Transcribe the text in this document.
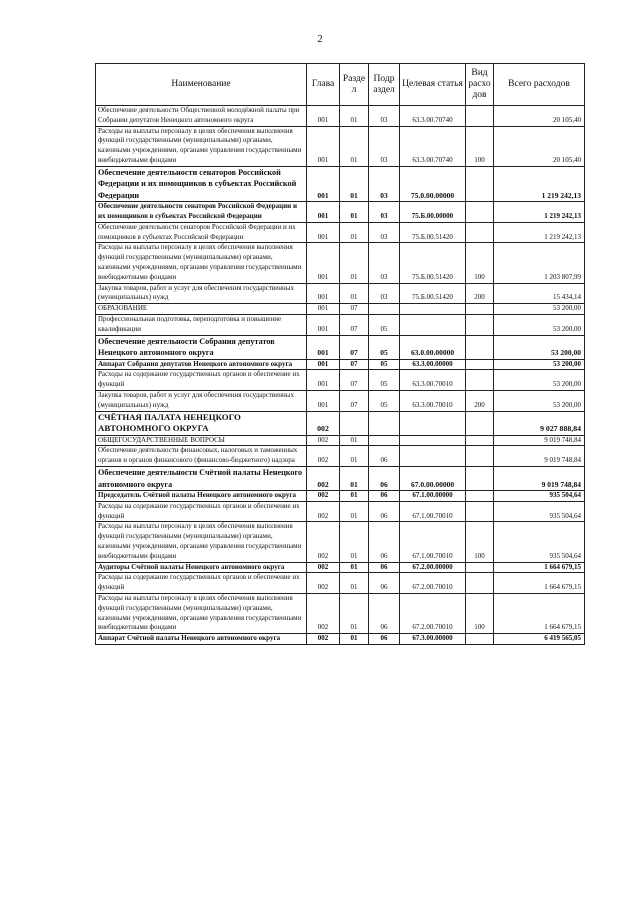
2
Наименование	Глава	Разде л	Подр аздел	Целевая статья	Вид расхо дов	Всего расходов
Обеспечение деятельности Общественной молодёжной палаты при Собрании депутатов Ненецкого автономного округа	001	01	03	63.3.00.70740		20 105,40
Расходы на выплаты персоналу в целях обеспечения выполнения функций государственными (муниципальными) органами, казенными учреждениями, органами управления государственными внебюджетными фондами	001	01	03	63.3.00.70740	100	20 105,40
Обеспечение деятельности сенаторов Российской Федерации и их помощников в субъектах Российской Федерации	001	01	03	75.0.00.00000		1 219 242,13
Обеспечение деятельности сенаторов Российской Федерации и их помощников в субъектах Российской Федерации	001	01	03	75.Б.00.00000		1 219 242,13
Обеспечение деятельности сенаторов Российской Федерации и их помощников в субъектах Российской Федерации	001	01	03	75.Б.00.51420		1 219 242,13
Расходы на выплаты персоналу в целях обеспечения выполнения функций государственными (муниципальными) органами, казенными учреждениями, органами управления государственными внебюджетными фондами	001	01	03	75.Б.00.51420	100	1 203 807,99
Закупка товаров, работ и услуг для обеспечения государственных (муниципальных) нужд	001	01	03	75.Б.00.51420	200	15 434,14
ОБРАЗОВАНИЕ	001	07				53 200,00
Профессиональная подготовка, переподготовка и повышение квалификации	001	07	05			53 200,00
Обеспечение деятельности Собрания депутатов Ненецкого автономного округа	001	07	05	63.0.00.00000		53 200,00
Аппарат Собрания депутатов Ненецкого автономного округа	001	07	05	63.3.00.00000		53 200,00
Расходы на содержание государственных органов и обеспечение их функций	001	07	05	63.3.00.70010		53 200,00
Закупка товаров, работ и услуг для обеспечения государственных (муниципальных) нужд	001	07	05	63.3.00.70010	200	53 200,00
СЧЁТНАЯ ПАЛАТА НЕНЕЦКОГО АВТОНОМНОГО ОКРУГА	002					9 027 888,84
ОБЩЕГОСУДАРСТВЕННЫЕ ВОПРОСЫ	002	01				9 019 748,84
Обеспечение деятельности финансовых, налоговых и таможенных органов и органов финансового (финансово-бюджетного) надзора	002	01	06			9 019 748,84
Обеспечение деятельности Счётной палаты Ненецкого автономного округа	002	01	06	67.0.00.00000		9 019 748,84
Председатель Счётной палаты Ненецкого автономного округа	002	01	06	67.1.00.00000		935 504,64
Расходы на содержание государственных органов и обеспечение их функций	002	01	06	67.1.00.70010		935 504,64
Расходы на выплаты персоналу в целях обеспечения выполнения функций государственными (муниципальными) органами, казенными учреждениями, органами управления государственными внебюджетными фондами	002	01	06	67.1.00.70010	100	935 504,64
Аудиторы Счётной палаты Ненецкого автономного округа	002	01	06	67.2.00.00000		1 664 679,15
Расходы на содержание государственных органов и обеспечение их функций	002	01	06	67.2.00.70010		1 664 679,15
Расходы на выплаты персоналу в целях обеспечения выполнения функций государственными (муниципальными) органами, казенными учреждениями, органами управления государственными внебюджетными фондами	002	01	06	67.2.00.70010	100	1 664 679,15
Аппарат Счётной палаты Ненецкого автономного округа	002	01	06	67.3.00.00000		6 419 565,05
